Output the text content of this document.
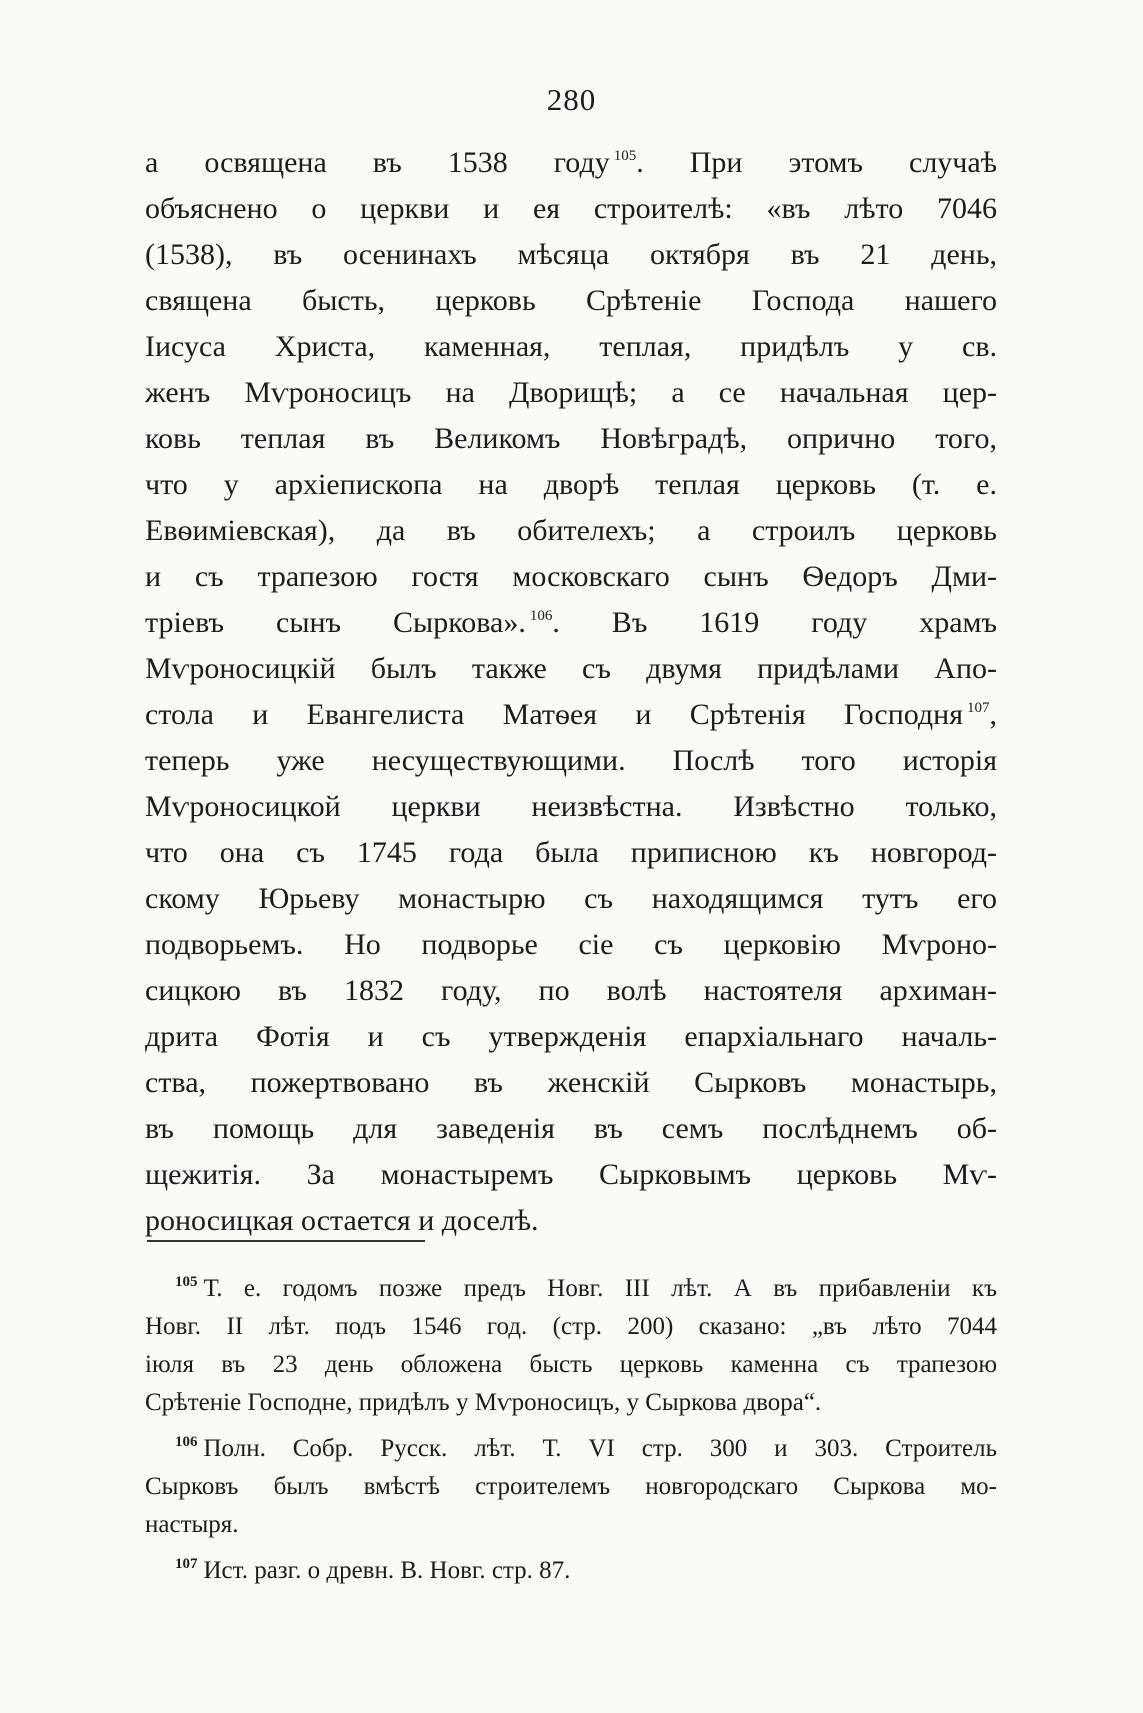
280
а освящена въ 1538 году $^{105}$. При этомъ случаѣ
объяснено о церкви и ея строителѣ: «въ лѣто 7046
(1538), въ осенинахъ мѣсяца октября въ 21 день,
священа бысть, церковь Срѣтеніе Господа нашего
Іисуса Христа, каменная, теплая, придѣлъ у св.
женъ Мѵроносицъ на Дворищѣ; а се начальная цер-
ковь теплая въ Великомъ Новѣградѣ, опрично того,
что у архіепископа на дворѣ теплая церковь (т. е.
Евѳиміевская), да въ обителехъ; а строилъ церковь
и съ трапезою гостя московскаго сынъ Ѳедоръ Дми-
тріевъ сынъ Сыркова». $^{106}$. Въ 1619 году храмъ
Мѵроносицкій былъ также съ двумя придѣлами Апо-
стола и Евангелиста Матѳея и Срѣтенія Господня $^{107}$,
теперь уже несуществующими. Послѣ того исторія
Мѵроносицкой церкви неизвѣстна. Извѣстно только,
что она съ 1745 года была приписною къ новгород-
скому Юрьеву монастырю съ находящимся тутъ его
подворьемъ. Но подворье сіе съ церковію Мѵроно-
сицкою въ 1832 году, по волѣ настоятеля архиман-
дрита Фотія и съ утвержденія епархіальнаго началь-
ства, пожертвовано въ женскій Сырковъ монастырь,
въ помощь для заведенія въ семъ послѣднемъ об-
щежитія. За монастыремъ Сырковымъ церковь Мѵ-
роносицкая остается и доселѣ.
$^{105}$ Т. е. годомъ позже предъ Новг. III лѣт. А въ прибавленіи къ
Новг. II лѣт. подъ 1546 год. (стр. 200) сказано: „въ лѣто 7044
іюля въ 23 день обложена бысть церковь каменна съ трапезою
Срѣтеніе Господне, придѣлъ у Мѵроносицъ, у Сыркова двора“.
$^{106}$ Полн. Собр. Русск. лѣт. Т. VI стр. 300 и 303. Строитель
Сырковъ былъ вмѣстѣ строителемъ новгородскаго Сыркова мо-
настыря.
$^{107}$ Ист. разг. о древн. В. Новг. стр. 87.
